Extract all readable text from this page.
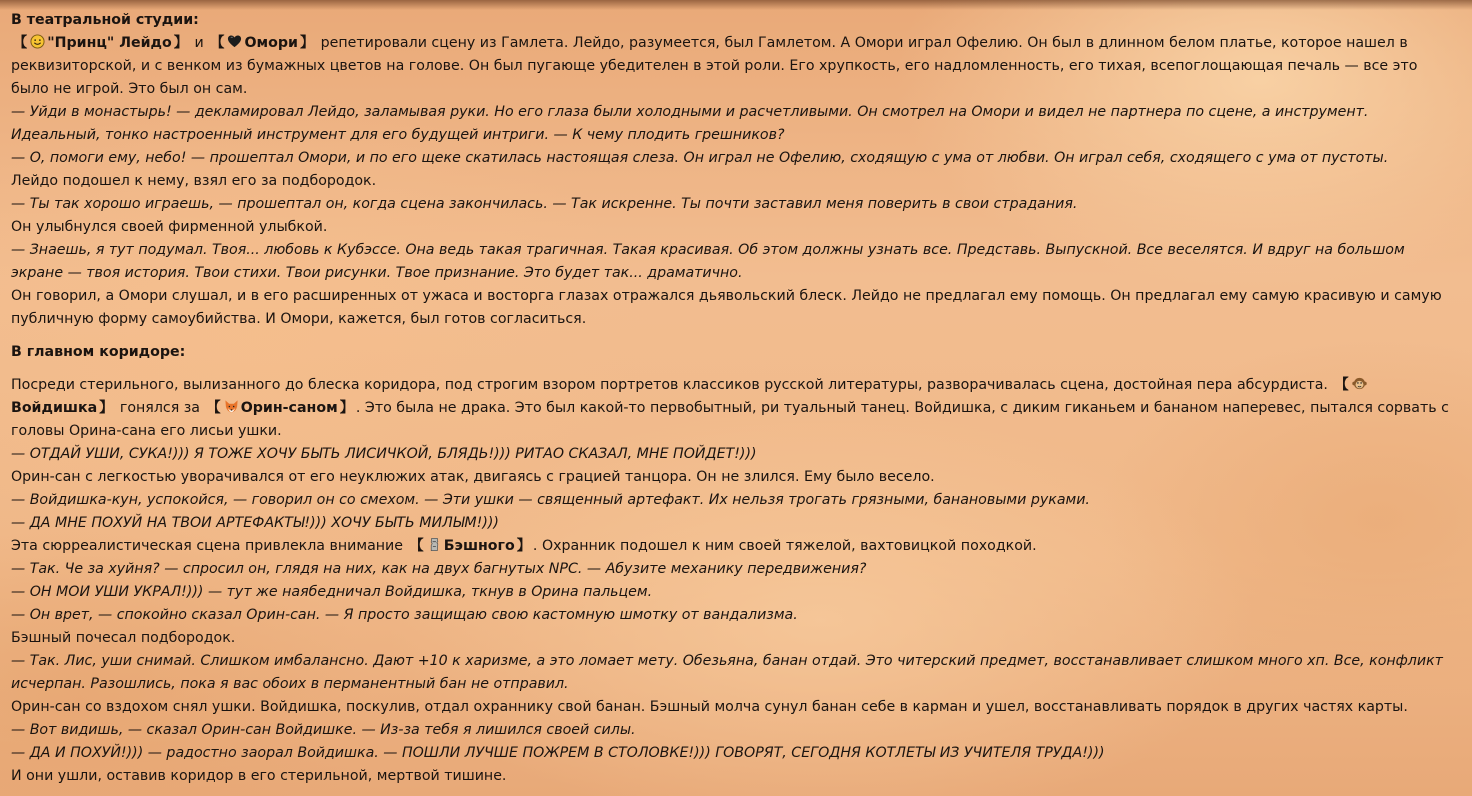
В театральной студии:

【 "Принц" Лейдо 】 и 【 Омори 】 репетировали сцену из Гамлета. Лейдо, разумеется, был Гамлетом. А Омори играл Офелию. Он был в длинном белом платье, которое нашел в реквизиторской, и с венком из бумажных цветов на голове. Он был пугающе убедителен в этой роли. Его хрупкость, его надломленность, его тихая, всепоглощающая печаль — все это было не игрой. Это был он сам.

— Уйди в монастырь! — декламировал Лейдо, заламывая руки. Но его глаза были холодными и расчетливыми. Он смотрел на Омори и видел не партнера по сцене, а инструмент. Идеальный, тонко настроенный инструмент для его будущей интриги. — К чему плодить грешников?

— О, помоги ему, небо! — прошептал Омори, и по его щеке скатилась настоящая слеза. Он играл не Офелию, сходящую с ума от любви. Он играл себя, сходящего с ума от пустоты.

Лейдо подошел к нему, взял его за подбородок.

— Ты так хорошо играешь, — прошептал он, когда сцена закончилась. — Так искренне. Ты почти заставил меня поверить в свои страдания.

Он улыбнулся своей фирменной улыбкой.

— Знаешь, я тут подумал. Твоя... любовь к Кубэссе. Она ведь такая трагичная. Такая красивая. Об этом должны узнать все. Представь. Выпускной. Все веселятся. И вдруг на большом экране — твоя история. Твои стихи. Твои рисунки. Твое признание. Это будет так... драматично.

Он говорил, а Омори слушал, и в его расширенных от ужаса и восторга глазах отражался дьявольский блеск. Лейдо не предлагал ему помощь. Он предлагал ему самую красивую и самую публичную форму самоубийства. И Омори, кажется, был готов согласиться.

В главном коридоре:

Посреди стерильного, вылизанного до блеска коридора, под строгим взором портретов классиков русской литературы, разворачивалась сцена, достойная пера абсурдиста. 【Войдишка 】 гонялся за 【 Орин-саном 】 . Это была не драка. Это был какой-то первобытный, ри туальный танец. Войдишка, с диким гиканьем и бананом наперевес, пытался сорвать с головы Орина-сана его лисьи ушки.

— ОТДАЙ УШИ, СУКА!))) Я ТОЖЕ ХОЧУ БЫТЬ ЛИСИЧКОЙ, БЛЯДЬ!))) РИТАО СКАЗАЛ, МНЕ ПОЙДЕТ!)))

Орин-сан с легкостью уворачивался от его неуклюжих атак, двигаясь с грацией танцора. Он не злился. Ему было весело.

— Войдишка-кун, успокойся, — говорил он со смехом. — Эти ушки — священный артефакт. Их нельзя трогать грязными, банановыми руками.

— ДА МНЕ ПОХУЙ НА ТВОИ АРТЕФАКТЫ!))) ХОЧУ БЫТЬ МИЛЫМ!)))

Эта сюрреалистическая сцена привлекла внимание 【 Бэшного 】 . Охранник подошел к ним своей тяжелой, вахтовицкой походкой.

— Так. Че за хуйня? — спросил он, глядя на них, как на двух багнутых NPC. — Абузите механику передвижения?

— ОН МОИ УШИ УКРАЛ!))) — тут же наябедничал Войдишка, ткнув в Орина пальцем.

— Он врет, — спокойно сказал Орин-сан. — Я просто защищаю свою кастомную шмотку от вандализма.

Бэшный почесал подбородок.

— Так. Лис, уши снимай. Слишком имбалансно. Дают +10 к харизме, а это ломает мету. Обезьяна, банан отдай. Это читерский предмет, восстанавливает слишком много хп. Все, конфликт исчерпан. Разошлись, пока я вас обоих в перманентный бан не отправил.

Орин-сан со вздохом снял ушки. Войдишка, поскулив, отдал охраннику свой банан. Бэшный молча сунул банан себе в карман и ушел, восстанавливать порядок в других частях карты.

— Вот видишь, — сказал Орин-сан Войдишке. — Из-за тебя я лишился своей силы.

— ДА И ПОХУЙ!))) — радостно заорал Войдишка. — ПОШЛИ ЛУЧШЕ ПОЖРЕМ В СТОЛОВКЕ!))) ГОВОРЯТ, СЕГОДНЯ КОТЛЕТЫ ИЗ УЧИТЕЛЯ ТРУДА!)))

И они ушли, оставив коридор в его стерильной, мертвой тишине.
